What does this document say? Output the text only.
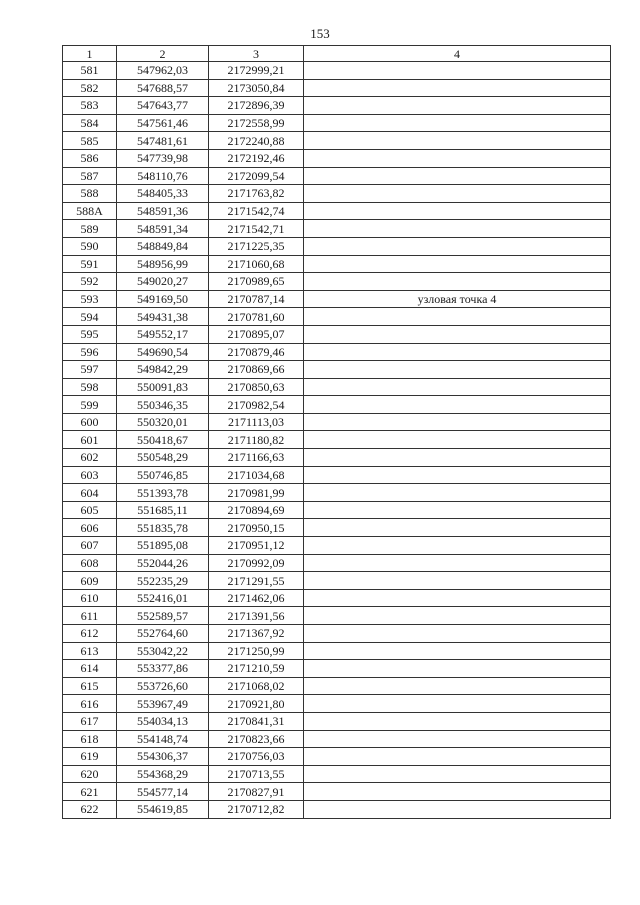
153
1	2	3	4
581	547962,03	2172999,21	
582	547688,57	2173050,84	
583	547643,77	2172896,39	
584	547561,46	2172558,99	
585	547481,61	2172240,88	
586	547739,98	2172192,46	
587	548110,76	2172099,54	
588	548405,33	2171763,82	
588А	548591,36	2171542,74	
589	548591,34	2171542,71	
590	548849,84	2171225,35	
591	548956,99	2171060,68	
592	549020,27	2170989,65	
593	549169,50	2170787,14	узловая точка 4
594	549431,38	2170781,60	
595	549552,17	2170895,07	
596	549690,54	2170879,46	
597	549842,29	2170869,66	
598	550091,83	2170850,63	
599	550346,35	2170982,54	
600	550320,01	2171113,03	
601	550418,67	2171180,82	
602	550548,29	2171166,63	
603	550746,85	2171034,68	
604	551393,78	2170981,99	
605	551685,11	2170894,69	
606	551835,78	2170950,15	
607	551895,08	2170951,12	
608	552044,26	2170992,09	
609	552235,29	2171291,55	
610	552416,01	2171462,06	
611	552589,57	2171391,56	
612	552764,60	2171367,92	
613	553042,22	2171250,99	
614	553377,86	2171210,59	
615	553726,60	2171068,02	
616	553967,49	2170921,80	
617	554034,13	2170841,31	
618	554148,74	2170823,66	
619	554306,37	2170756,03	
620	554368,29	2170713,55	
621	554577,14	2170827,91	
622	554619,85	2170712,82	
